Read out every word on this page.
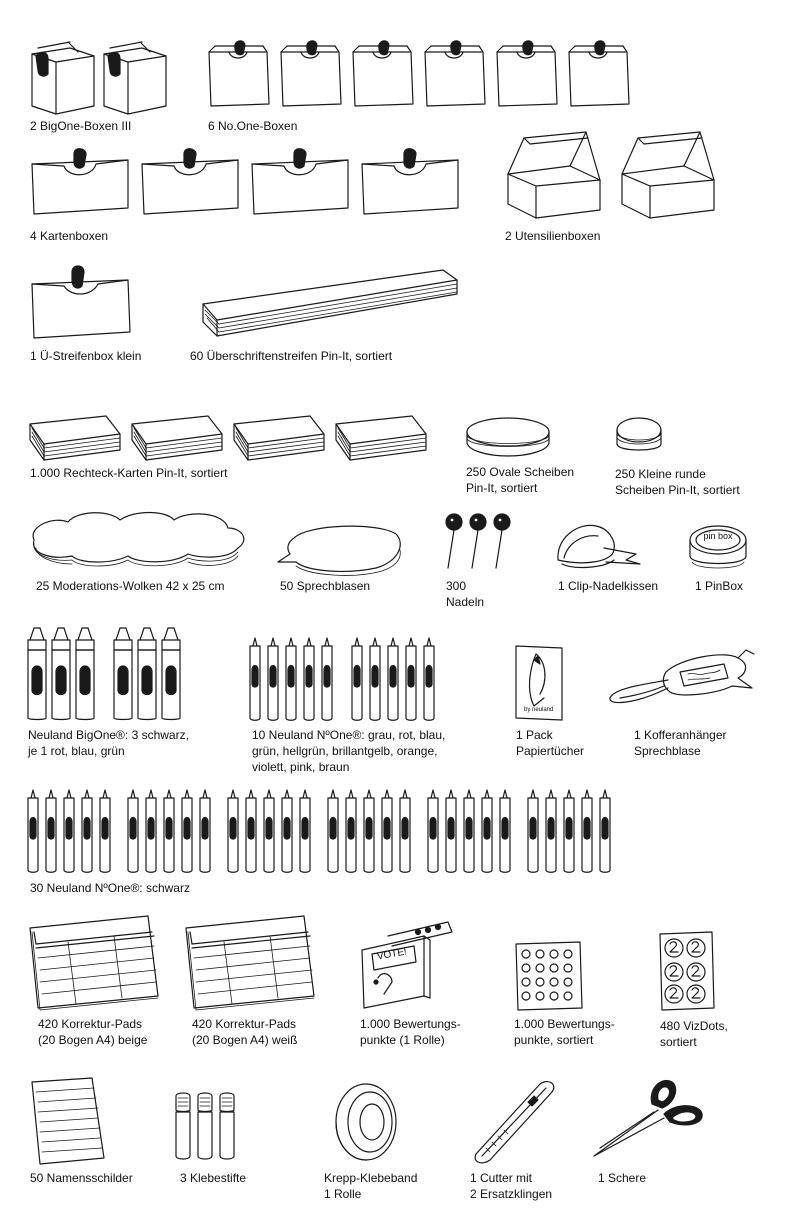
2 BigOne-Boxen III	6 No.One-Boxen
4 Kartenboxen	2 Utensilienboxen
1 Ü-Streifenbox klein	60 Überschriftenstreifen Pin-It, sortiert
1.000 Rechteck-Karten Pin-It, sortiert	250 Ovale Scheiben
Pin-It, sortiert
250 Kleine runde
Scheiben Pin-It, sortiert
25 Moderations-Wolken 42 x 25 cm	50 Sprechblasen	300
Nadeln
1 Clip-Nadelkissen
pin box
1 PinBox
Neuland BigOne®: 3 schwarz,
je 1 rot, blau, grün
10 Neuland NºOne®: grau, rot, blau,
grün, hellgrün, brillantgelb, orange,
violett, pink, braun
by neuland
1 Pack
Papiertücher
1 Kofferanhänger
Sprechblase
30 Neuland NºOne®: schwarz
420 Korrektur-Pads
(20 Bogen A4) beige
420 Korrektur-Pads
(20 Bogen A4) weiß
VOTE!
1.000 Bewertungs-
punkte (1 Rolle)
1.000 Bewertungs-
punkte, sortiert
480 VizDots,
sortiert
50 Namensschilder	3 Klebestifte	Krepp-Klebeband
1 Rolle
1 Cutter mit
2 Ersatzklingen
1 Schere
